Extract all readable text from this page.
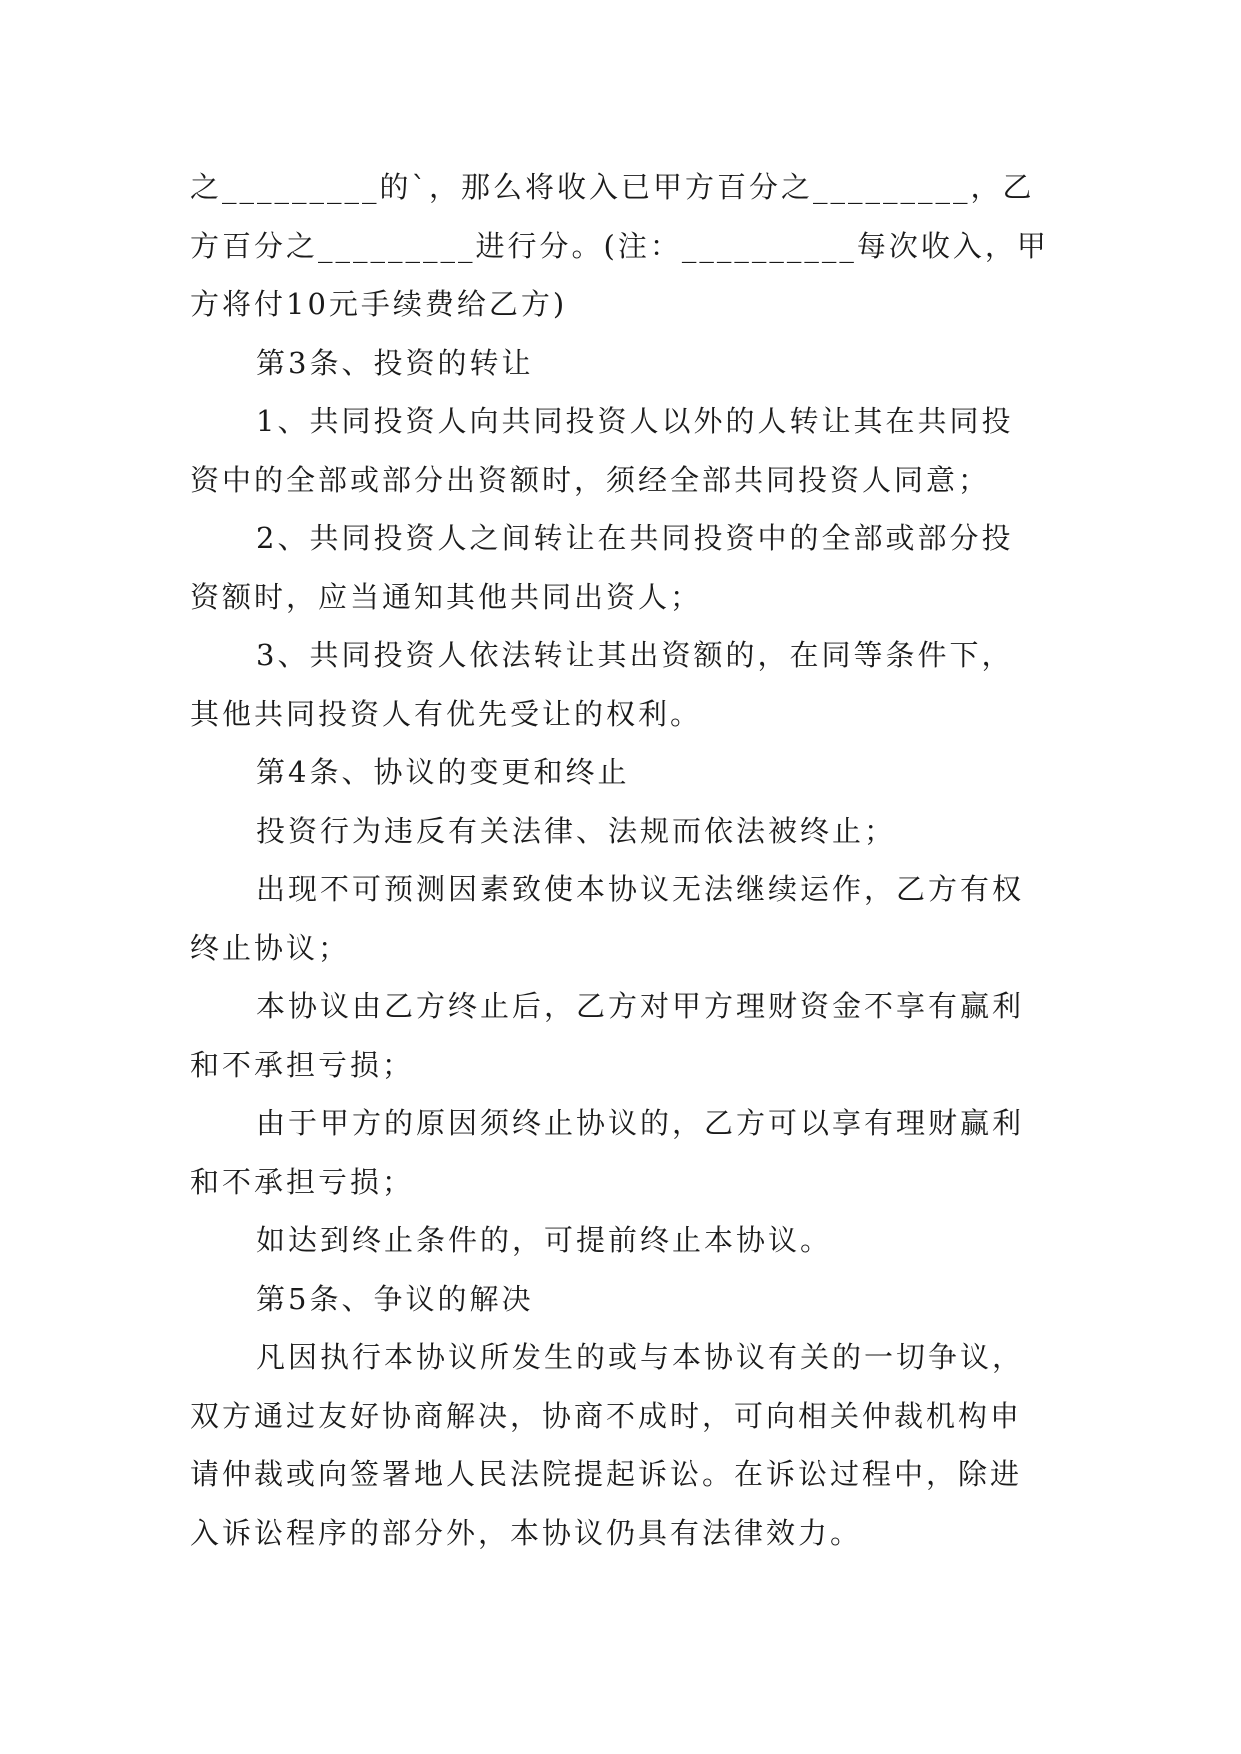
之_________的`，那么将收入已甲方百分之_________，乙
方百分之_________进行分。(注：__________每次收入，甲
方将付10元手续费给乙方)
第3条、投资的转让
1、共同投资人向共同投资人以外的人转让其在共同投
资中的全部或部分出资额时，须经全部共同投资人同意；
2、共同投资人之间转让在共同投资中的全部或部分投
资额时，应当通知其他共同出资人；
3、共同投资人依法转让其出资额的，在同等条件下，
其他共同投资人有优先受让的权利。
第4条、协议的变更和终止
投资行为违反有关法律、法规而依法被终止；
出现不可预测因素致使本协议无法继续运作，乙方有权
终止协议；
本协议由乙方终止后，乙方对甲方理财资金不享有赢利
和不承担亏损；
由于甲方的原因须终止协议的，乙方可以享有理财赢利
和不承担亏损；
如达到终止条件的，可提前终止本协议。
第5条、争议的解决
凡因执行本协议所发生的或与本协议有关的一切争议，
双方通过友好协商解决，协商不成时，可向相关仲裁机构申
请仲裁或向签署地人民法院提起诉讼。在诉讼过程中，除进
入诉讼程序的部分外，本协议仍具有法律效力。
